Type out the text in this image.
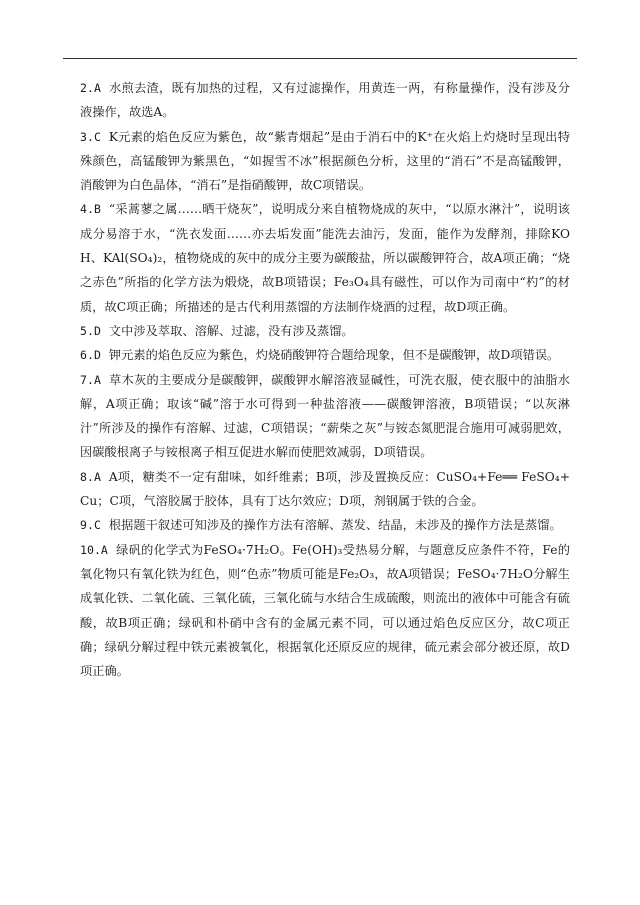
2.A 水煎去渣，既有加热的过程，又有过滤操作，用黄连一两，有称量操作，没有涉及分液操作，故选A。

3.C K元素的焰色反应为紫色，故“紫青烟起”是由于消石中的K⁺在火焰上灼烧时呈现出特殊颜色，高锰酸钾为紫黑色，“如握雪不冰”根据颜色分析，这里的“消石”不是高锰酸钾，消酸钾为白色晶体，“消石”是指硝酸钾，故C项错误。

4.B “采蒿蓼之属……晒干烧灰”，说明成分来自植物烧成的灰中，“以原水淋汁”，说明该成分易溶于水，“洗衣发面……亦去垢发面”能洗去油污，发面，能作为发酵剂，排除KOH、KAl(SO₄)₂，植物烧成的灰中的成分主要为碳酸盐，所以碳酸钾符合，故A项正确；“烧之赤色”所指的化学方法为煅烧，故B项错误；Fe₃O₄具有磁性，可以作为司南中“杓”的材质，故C项正确；所描述的是古代利用蒸馏的方法制作烧酒的过程，故D项正确。

5.D 文中涉及萃取、溶解、过滤，没有涉及蒸馏。

6.D 钾元素的焰色反应为紫色，灼烧硝酸钾符合题给现象，但不是碳酸钾，故D项错误。

7.A 草木灰的主要成分是碳酸钾，碳酸钾水解溶液显碱性，可洗衣服，使衣服中的油脂水解，A项正确；取该“碱”溶于水可得到一种盐溶液——碳酸钾溶液，B项错误；“以灰淋汁”所涉及的操作有溶解、过滤，C项错误；“薪柴之灰”与铵态氮肥混合施用可减弱肥效，因碳酸根离子与铵根离子相互促进水解而使肥效减弱，D项错误。

8.A A项，糖类不一定有甜味，如纤维素；B项，涉及置换反应：CuSO₄+Fe══ FeSO₄+Cu；C项，气溶胶属于胶体，具有丁达尔效应；D项，剂钢属于铁的合金。

9.C 根据题干叙述可知涉及的操作方法有溶解、蒸发、结晶，未涉及的操作方法是蒸馏。

10.A 绿矾的化学式为FeSO₄·7H₂O。Fe(OH)₃受热易分解，与题意反应条件不符，Fe的氧化物只有氧化铁为红色，则“色赤”物质可能是Fe₂O₃，故A项错误；FeSO₄·7H₂O分解生成氧化铁、二氧化硫、三氧化硫，三氧化硫与水结合生成硫酸，则流出的液体中可能含有硫酸，故B项正确；绿矾和朴硝中含有的金属元素不同，可以通过焰色反应区分，故C项正确；绿矾分解过程中铁元素被氧化，根据氧化还原反应的规律，硫元素会部分被还原，故D项正确。
